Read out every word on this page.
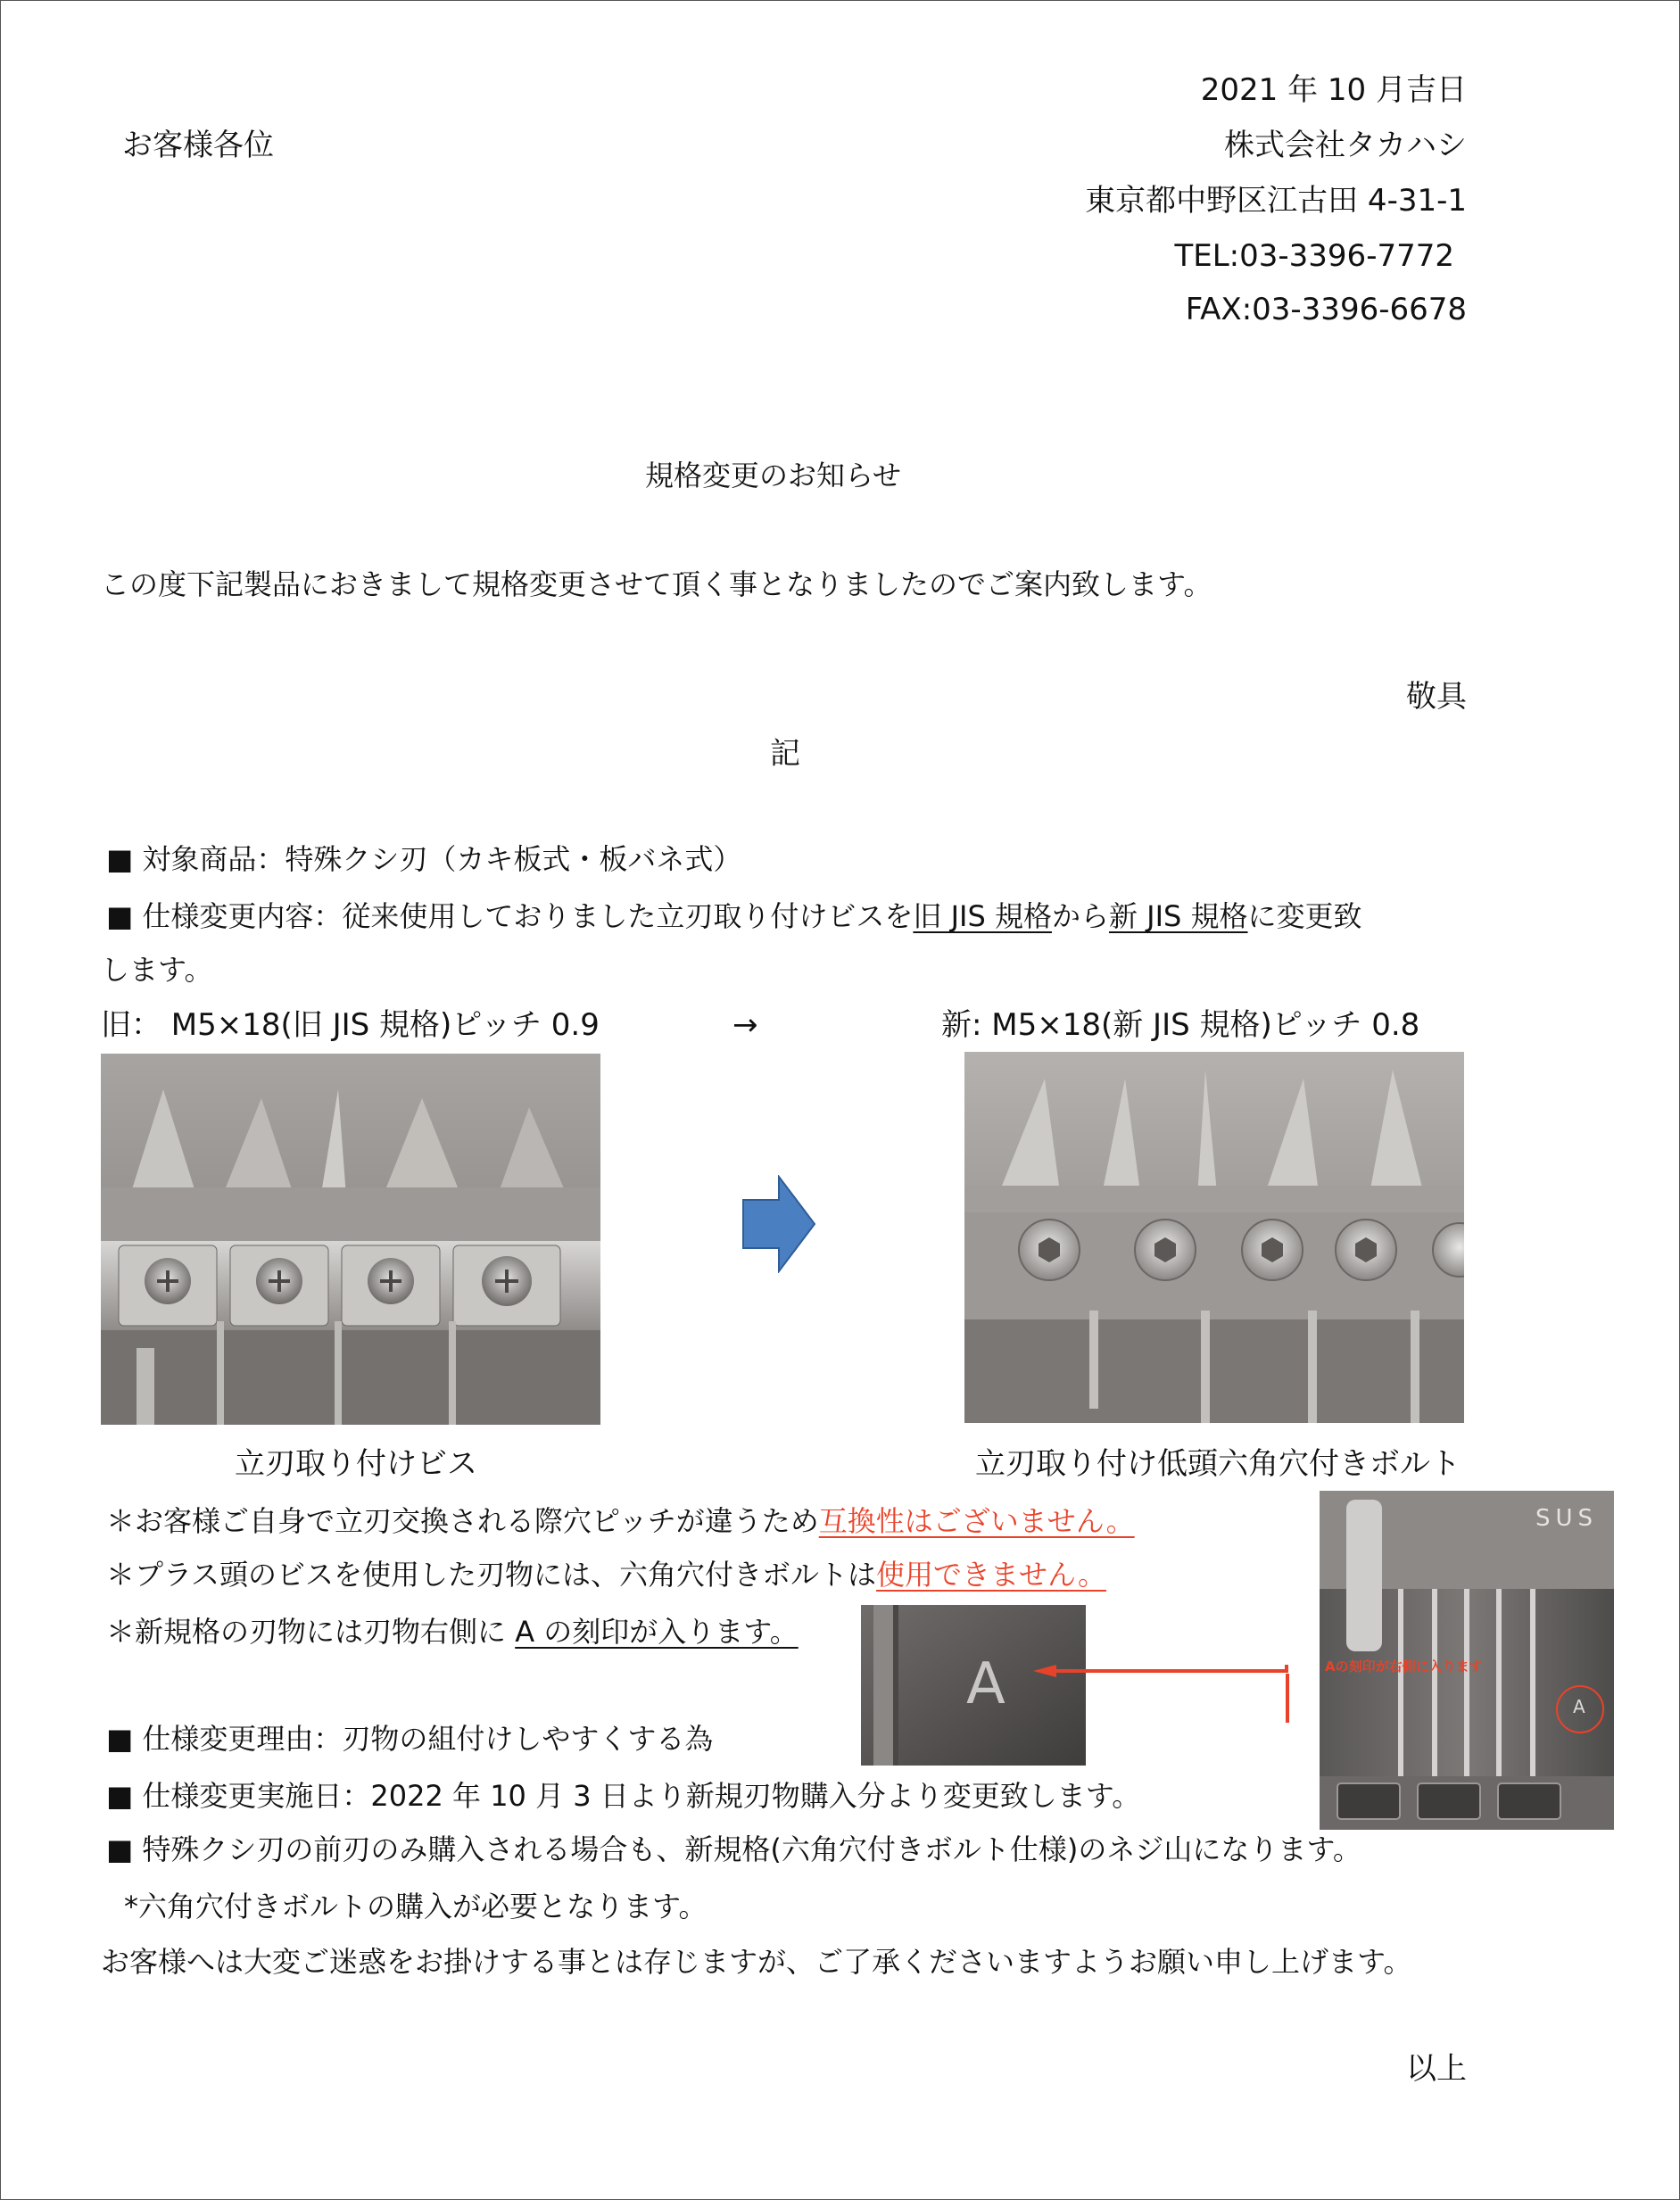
2021 年 10 月吉日
お客様各位	株式会社タカハシ
東京都中野区江古田 4-31-1
TEL:03-3396-7772
FAX:03-3396-6678
規格変更のお知らせ
この度下記製品におきまして規格変更させて頂く事となりましたのでご案内致します。
敬具
記
■ 対象商品：特殊クシ刃（カキ板式・板バネ式）
■ 仕様変更内容：従来使用しておりました立刃取り付けビスを旧 JIS 規格から新 JIS 規格に変更致
します。
旧： M5×18(旧 JIS 規格)ピッチ 0.9	→	新: M5×18(新 JIS 規格)ピッチ 0.8
立刃取り付けビス	立刃取り付け低頭六角穴付きボルト
＊お客様ご自身で立刃交換される際穴ピッチが違うため互換性はございません。
＊プラス頭のビスを使用した刃物には、六角穴付きボルトは使用できません。
＊新規格の刃物には刃物右側に A の刻印が入ります。
A
SUS
Aの刻印が右側に入ります
A
■ 仕様変更理由：刃物の組付けしやすくする為
■ 仕様変更実施日：2022 年 10 月 3 日より新規刃物購入分より変更致します。
■ 特殊クシ刃の前刃のみ購入される場合も、新規格(六角穴付きボルト仕様)のネジ山になります。
*六角穴付きボルトの購入が必要となります。
お客様へは大変ご迷惑をお掛けする事とは存じますが、ご了承くださいますようお願い申し上げます。
以上
